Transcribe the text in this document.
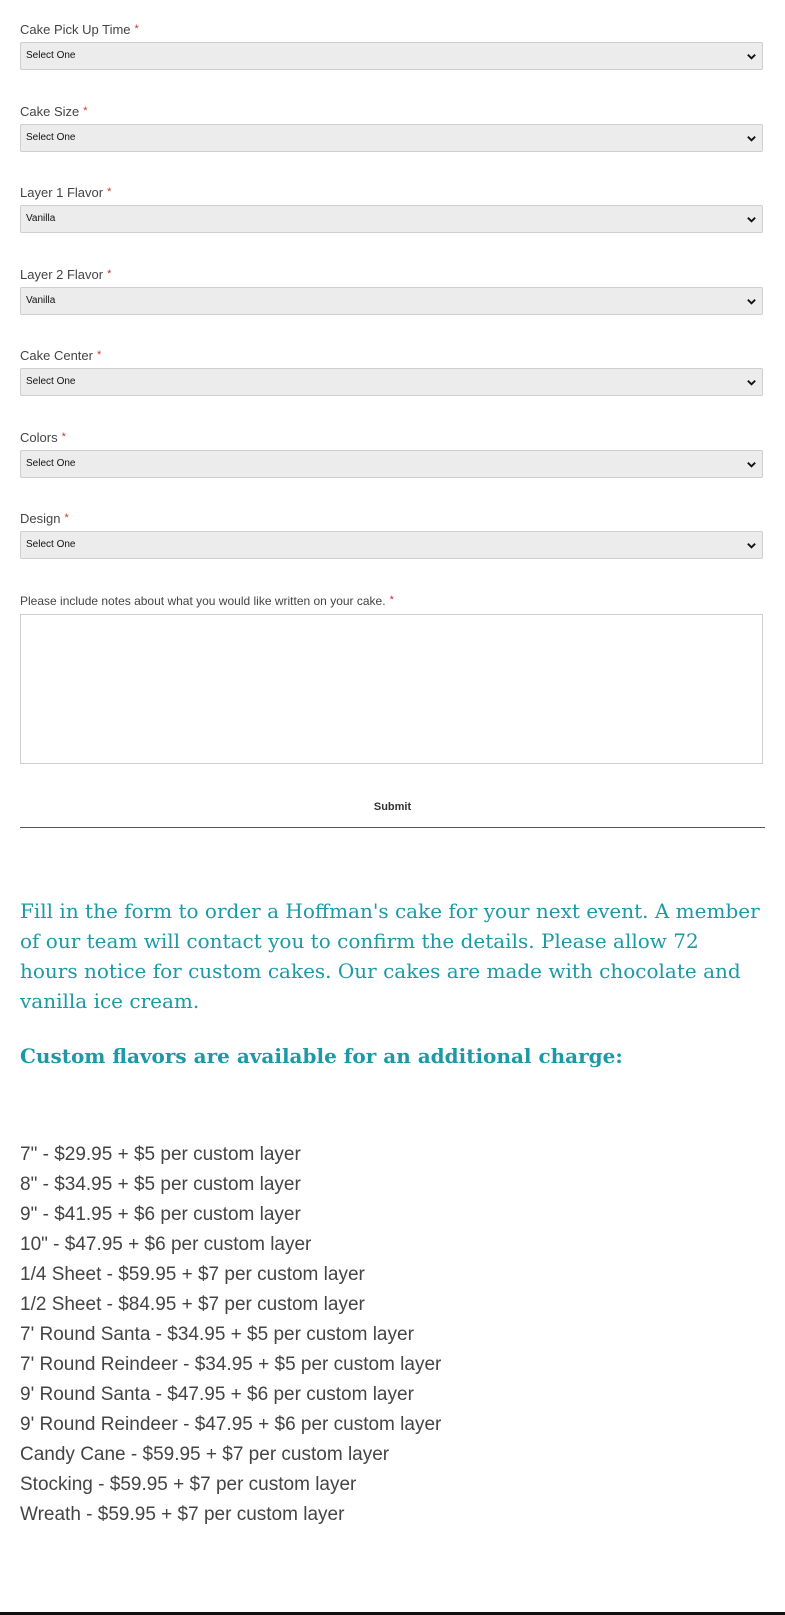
Cake Pick Up Time *
Select One
Cake Size *
Select One
Layer 1 Flavor *
Vanilla
Layer 2 Flavor *
Vanilla
Cake Center *
Select One
Colors *
Select One
Design *
Select One
Please include notes about what you would like written on your cake. *
Submit

Fill in the form to order a Hoffman's cake for your next event. A member of our team will contact you to confirm the details. Please allow 72 hours notice for custom cakes. Our cakes are made with chocolate and vanilla ice cream.

Custom flavors are available for an additional charge:
7" - $29.95 + $5 per custom layer
8" - $34.95 + $5 per custom layer
9" - $41.95 + $6 per custom layer
10" - $47.95 + $6 per custom layer
1/4 Sheet - $59.95 + $7 per custom layer
1/2 Sheet - $84.95 + $7 per custom layer
7' Round Santa - $34.95 + $5 per custom layer
7' Round Reindeer - $34.95 + $5 per custom layer
9' Round Santa - $47.95 + $6 per custom layer
9' Round Reindeer - $47.95 + $6 per custom layer
Candy Cane - $59.95 + $7 per custom layer
Stocking - $59.95 + $7 per custom layer
Wreath - $59.95 + $7 per custom layer
